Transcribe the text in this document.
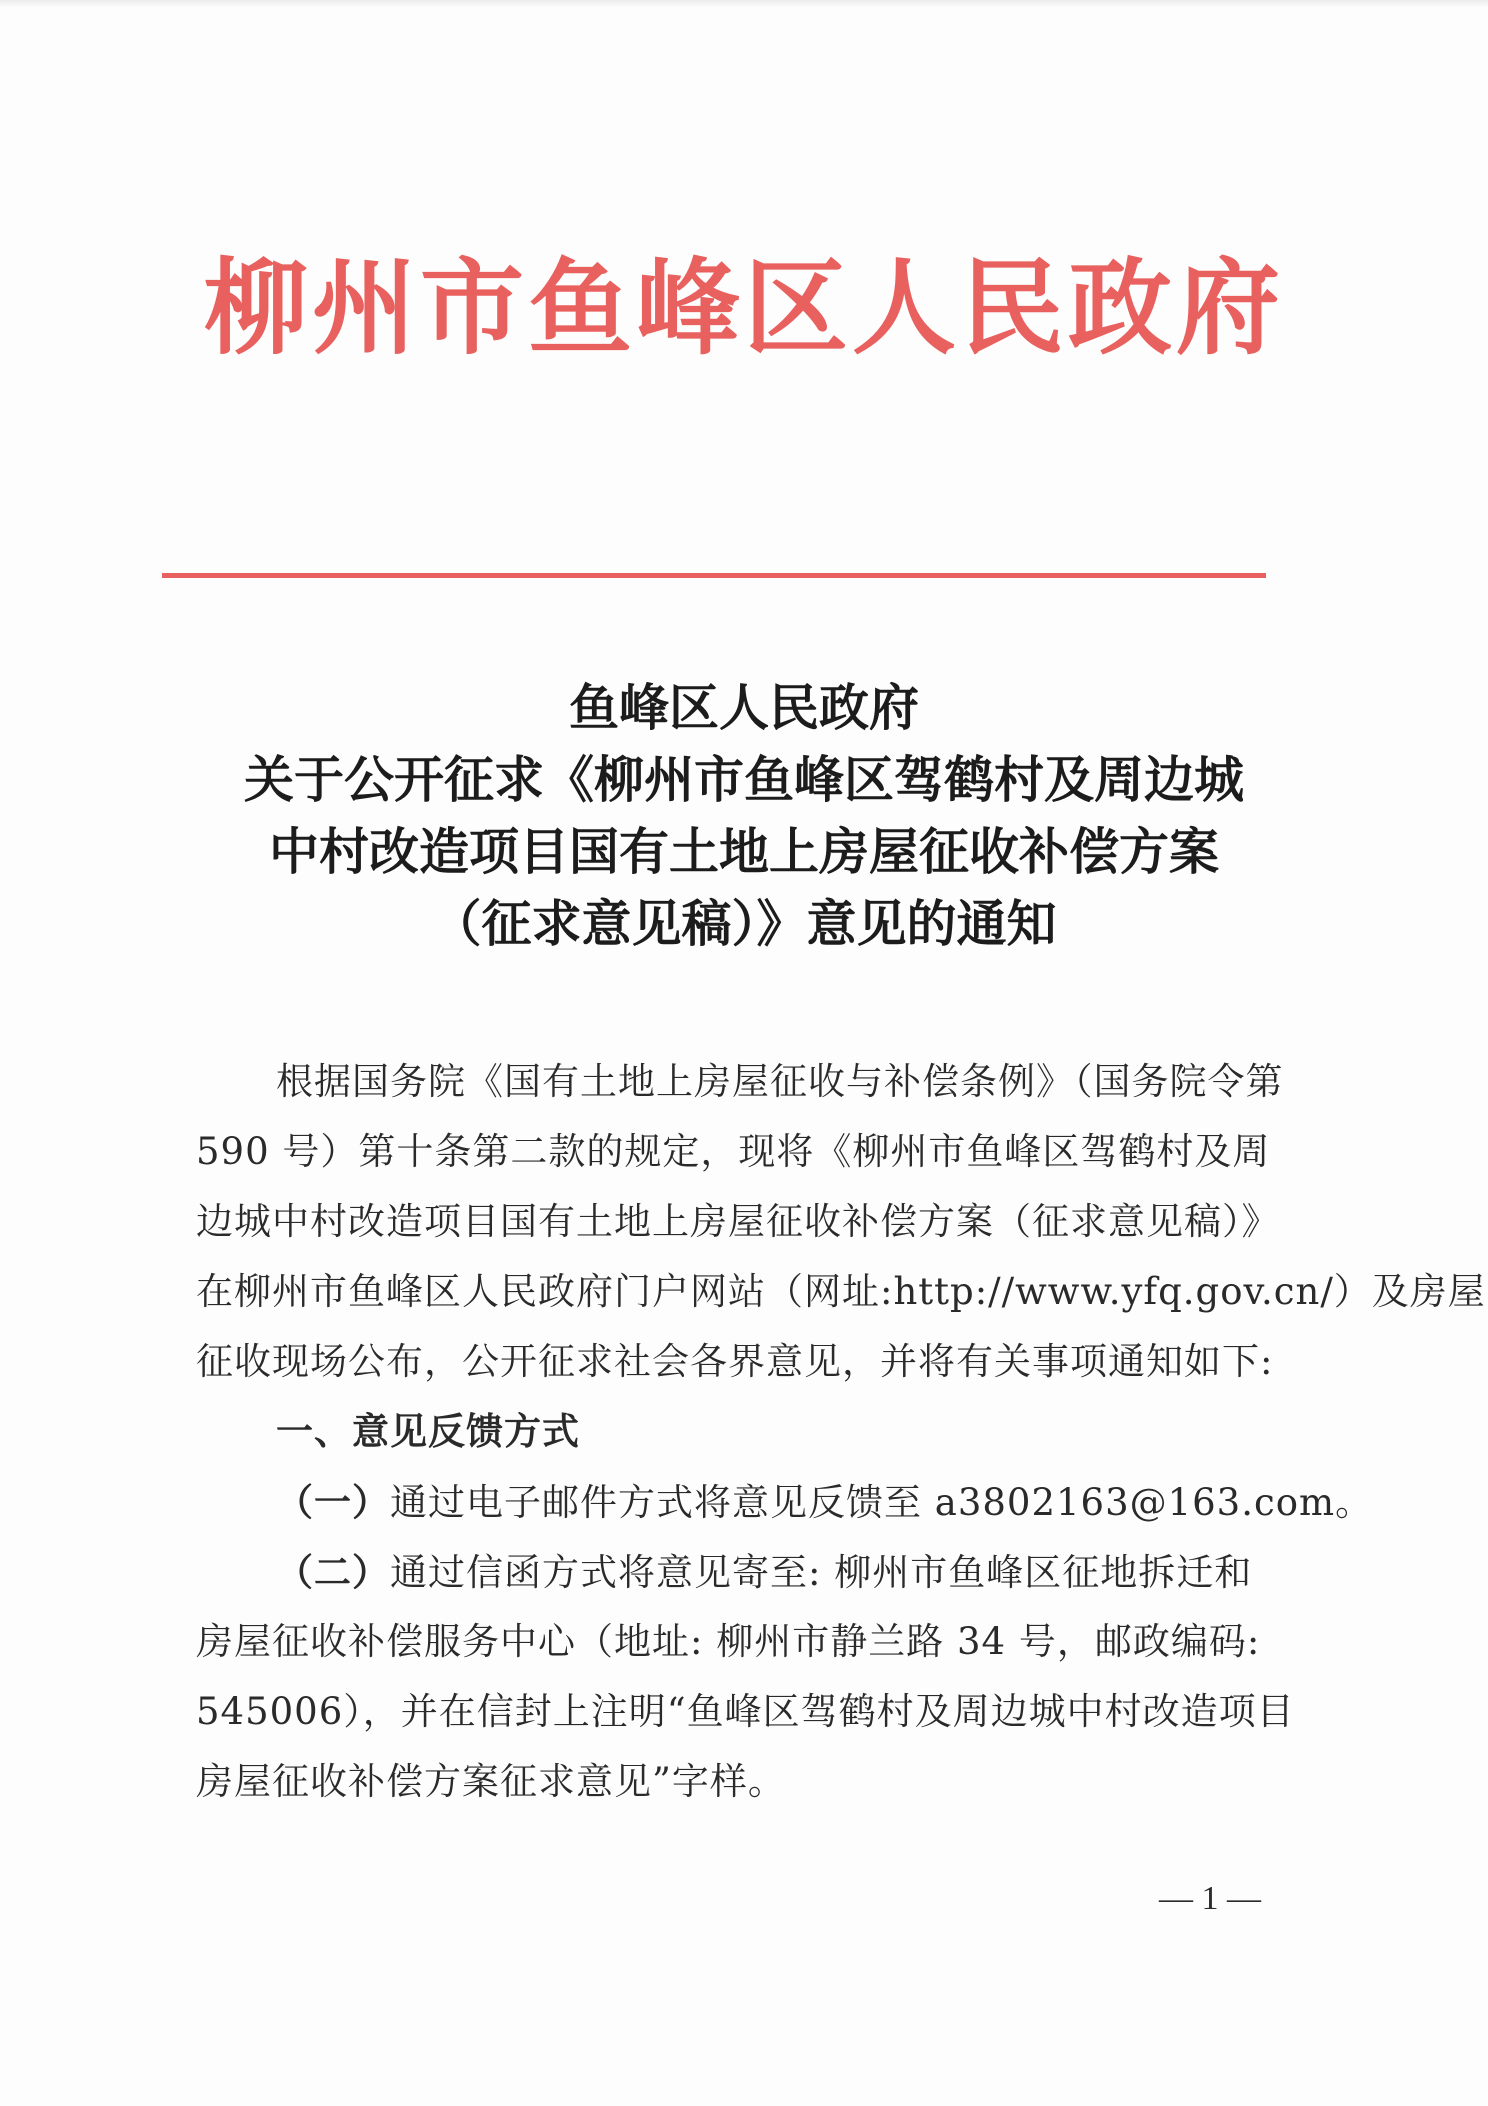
柳州市鱼峰区人民政府
鱼峰区人民政府
关于公开征求《柳州市鱼峰区驾鹤村及周边城
中村改造项目国有土地上房屋征收补偿方案
（征求意见稿）》意见的通知
根据国务院《国有土地上房屋征收与补偿条例》（国务院令第
590 号）第十条第二款的规定，现将《柳州市鱼峰区驾鹤村及周
边城中村改造项目国有土地上房屋征收补偿方案（征求意见稿）》
在柳州市鱼峰区人民政府门户网站（网址:http://www.yfq.gov.cn/）及房屋
征收现场公布，公开征求社会各界意见，并将有关事项通知如下:
一、意见反馈方式
（一）通过电子邮件方式将意见反馈至 a3802163@163.com。
（二）通过信函方式将意见寄至: 柳州市鱼峰区征地拆迁和
房屋征收补偿服务中心（地址: 柳州市静兰路 34 号，邮政编码:
545006），并在信封上注明“鱼峰区驾鹤村及周边城中村改造项目
房屋征收补偿方案征求意见”字样。
— 1 —
